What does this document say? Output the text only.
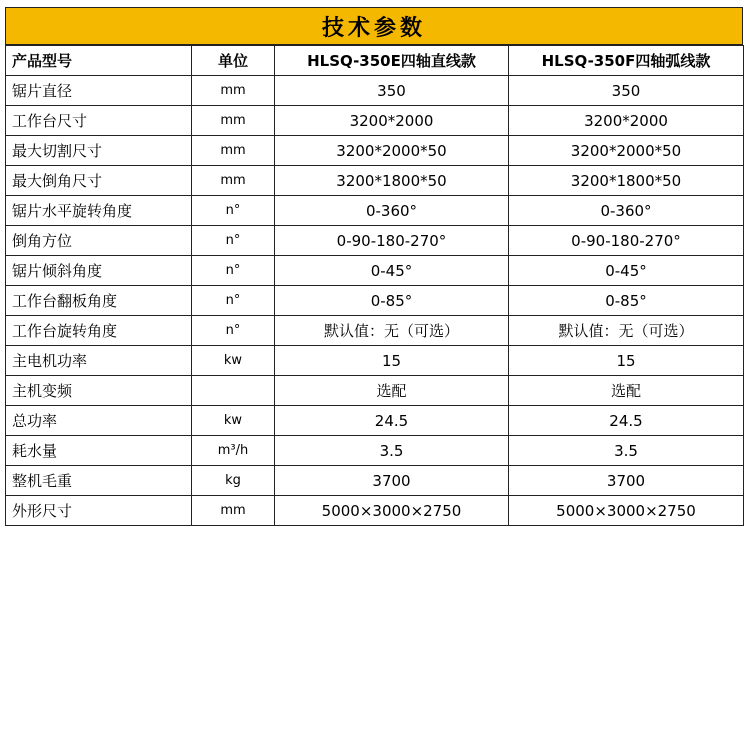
技术参数
产品型号	单位	HLSQ-350E四轴直线款	HLSQ-350F四轴弧线款
锯片直径	mm	350	350
工作台尺寸	mm	3200*2000	3200*2000
最大切割尺寸	mm	3200*2000*50	3200*2000*50
最大倒角尺寸	mm	3200*1800*50	3200*1800*50
锯片水平旋转角度	n°	0-360°	0-360°
倒角方位	n°	0-90-180-270°	0-90-180-270°
锯片倾斜角度	n°	0-45°	0-45°
工作台翻板角度	n°	0-85°	0-85°
工作台旋转角度	n°	默认值：无（可选）	默认值：无（可选）
主电机功率	kw	15	15
主机变频		选配	选配
总功率	kw	24.5	24.5
耗水量	m³/h	3.5	3.5
整机毛重	kg	3700	3700
外形尺寸	mm	5000×3000×2750	5000×3000×2750
